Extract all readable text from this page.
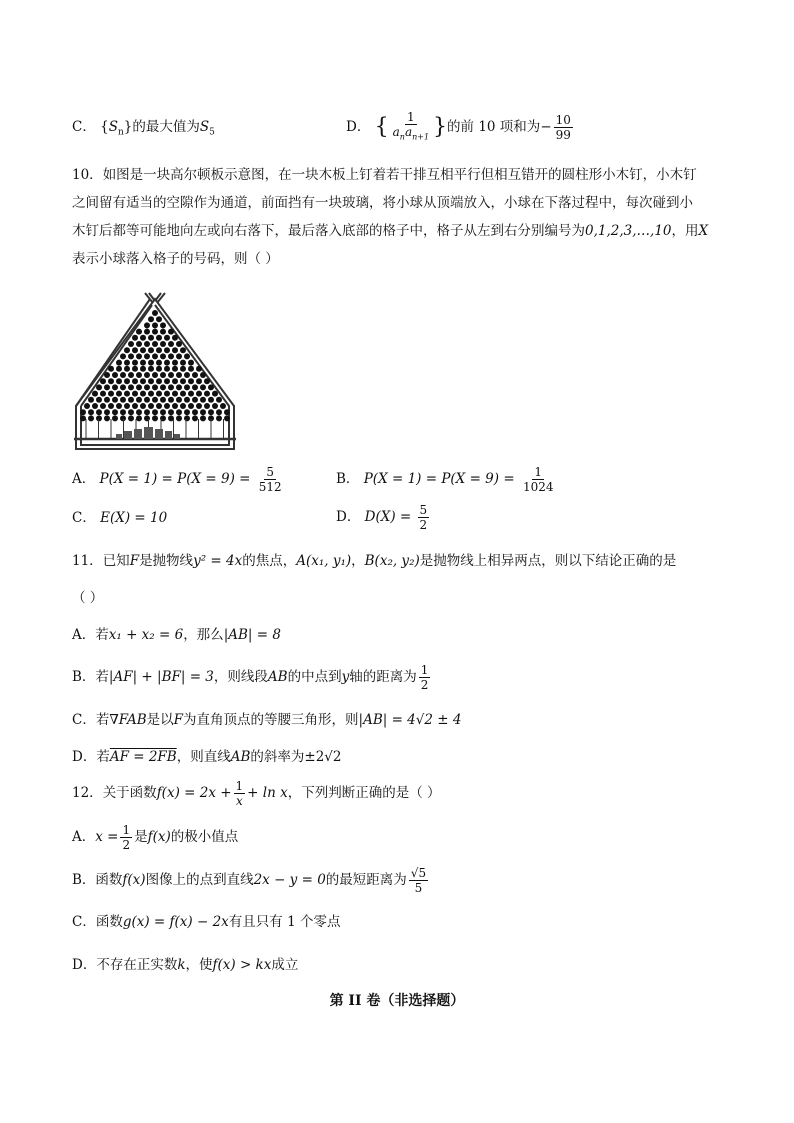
C． $\{S_n\}$的最大值为$S_5$	D． { $\frac{1}{a_na_{n+1}}$ }的前 10 项和为− $\frac{10}{99}$
10．如图是一块高尔顿板示意图，在一块木板上钉着若干排互相平行但相互错开的圆柱形小木钉，小木钉
之间留有适当的空隙作为通道，前面挡有一块玻璃，将小球从顶端放入，小球在下落过程中，每次碰到小
木钉后都等可能地向左或向右落下，最后落入底部的格子中，格子从左到右分别编号为0,1,2,3,…,10，用X
表示小球落入格子的号码，则（ ）
A． $P(X = 1) = P(X = 9) = \frac{5}{512}$	B． $P(X = 1) = P(X = 9) = \frac{1}{1024}$
C． E(X) = 10	D． $D(X) = \frac{5}{2}$
11．已知F是抛物线y² = 4x的焦点，A(x₁, y₁)，B(x₂, y₂)是抛物线上相异两点，则以下结论正确的是
（ ）
A．若x₁ + x₂ = 6，那么|AB| = 8
B．若|AF| + |BF| = 3，则线段AB的中点到y轴的距离为 $\frac{1}{2}$
C．若∇FAB是以F为直角顶点的等腰三角形，则|AB| = 4√2 ± 4
D．若AF = 2FB，则直线AB的斜率为±2√2
12．关于函数$f(x) = 2x + \frac{1}{x} + \ln x$，下列判断正确的是（ ）
A．$x = \frac{1}{2}$ 是f(x)的极小值点
B．函数f(x)图像上的点到直线2x − y = 0的最短距离为 $\frac{√5}{5}$
C．函数g(x) = f(x) − 2x有且只有 1 个零点
D．不存在正实数k，使f(x) > kx成立
第 II 卷（非选择题）
